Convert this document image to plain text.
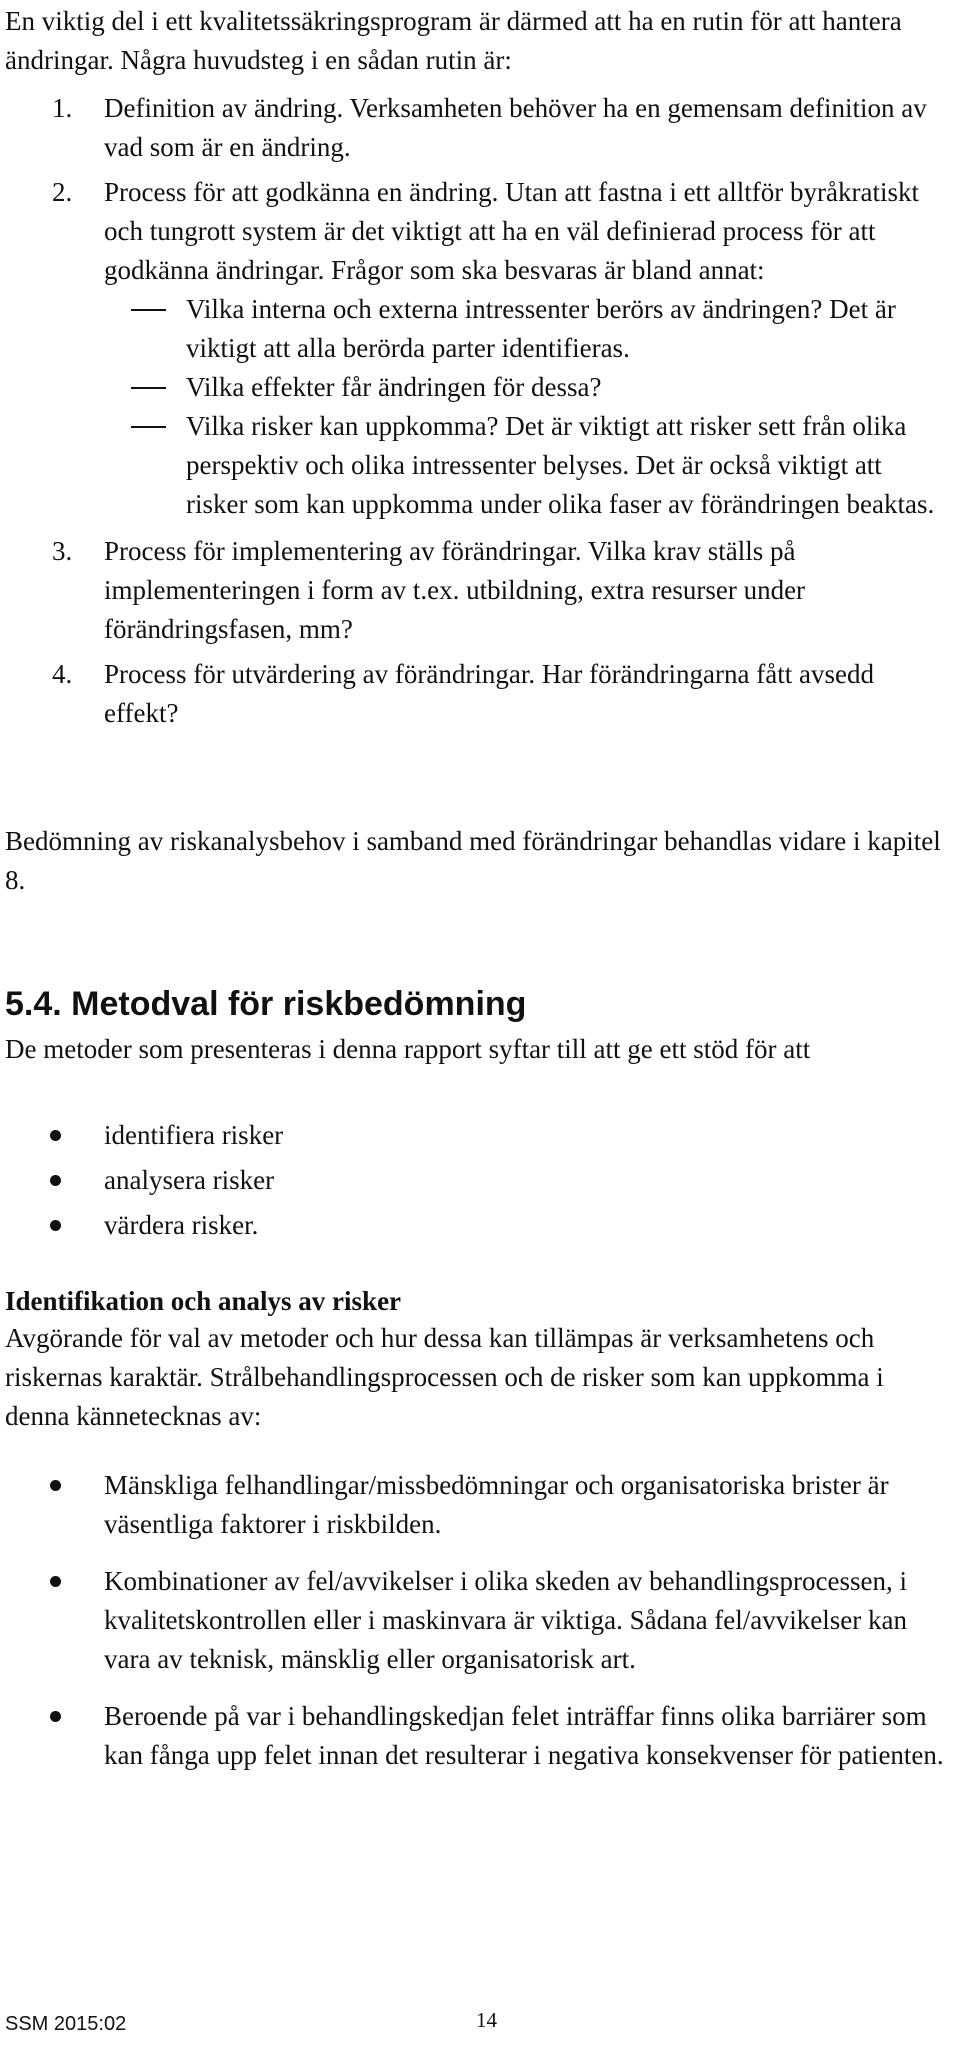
En viktig del i ett kvalitetssäkringsprogram är därmed att ha en rutin för att hantera ändringar. Några huvudsteg i en sådan rutin är:

1. Definition av ändring. Verksamheten behöver ha en gemensam definition av vad som är en ändring.
2. Process för att godkänna en ändring. Utan att fastna i ett alltför byråkratiskt och tungrott system är det viktigt att ha en väl definierad process för att godkänna ändringar. Frågor som ska besvaras är bland annat:
Vilka interna och externa intressenter berörs av ändringen? Det är viktigt att alla berörda parter identifieras.
Vilka effekter får ändringen för dessa?
Vilka risker kan uppkomma? Det är viktigt att risker sett från olika perspektiv och olika intressenter belyses. Det är också viktigt att risker som kan uppkomma under olika faser av förändringen beaktas.
3. Process för implementering av förändringar. Vilka krav ställs på implementeringen i form av t.ex. utbildning, extra resurser under förändringsfasen, mm?
4. Process för utvärdering av förändringar. Har förändringarna fått avsedd effekt?

Bedömning av riskanalysbehov i samband med förändringar behandlas vidare i kapitel 8.

5.4. Metodval för riskbedömning

De metoder som presenteras i denna rapport syftar till att ge ett stöd för att

identifiera risker
analysera risker
värdera risker.
Identifikation och analys av risker

Avgörande för val av metoder och hur dessa kan tillämpas är verksamhetens och riskernas karaktär. Strålbehandlingsprocessen och de risker som kan uppkomma i denna kännetecknas av:

Mänskliga felhandlingar/missbedömningar och organisatoriska brister är väsentliga faktorer i riskbilden.
Kombinationer av fel/avvikelser i olika skeden av behandlingsprocessen, i kvalitetskontrollen eller i maskinvara är viktiga. Sådana fel/avvikelser kan vara av teknisk, mänsklig eller organisatorisk art.
Beroende på var i behandlingskedjan felet inträffar finns olika barriärer som kan fånga upp felet innan det resulterar i negativa konsekvenser för patienten.
SSM 2015:02	14
